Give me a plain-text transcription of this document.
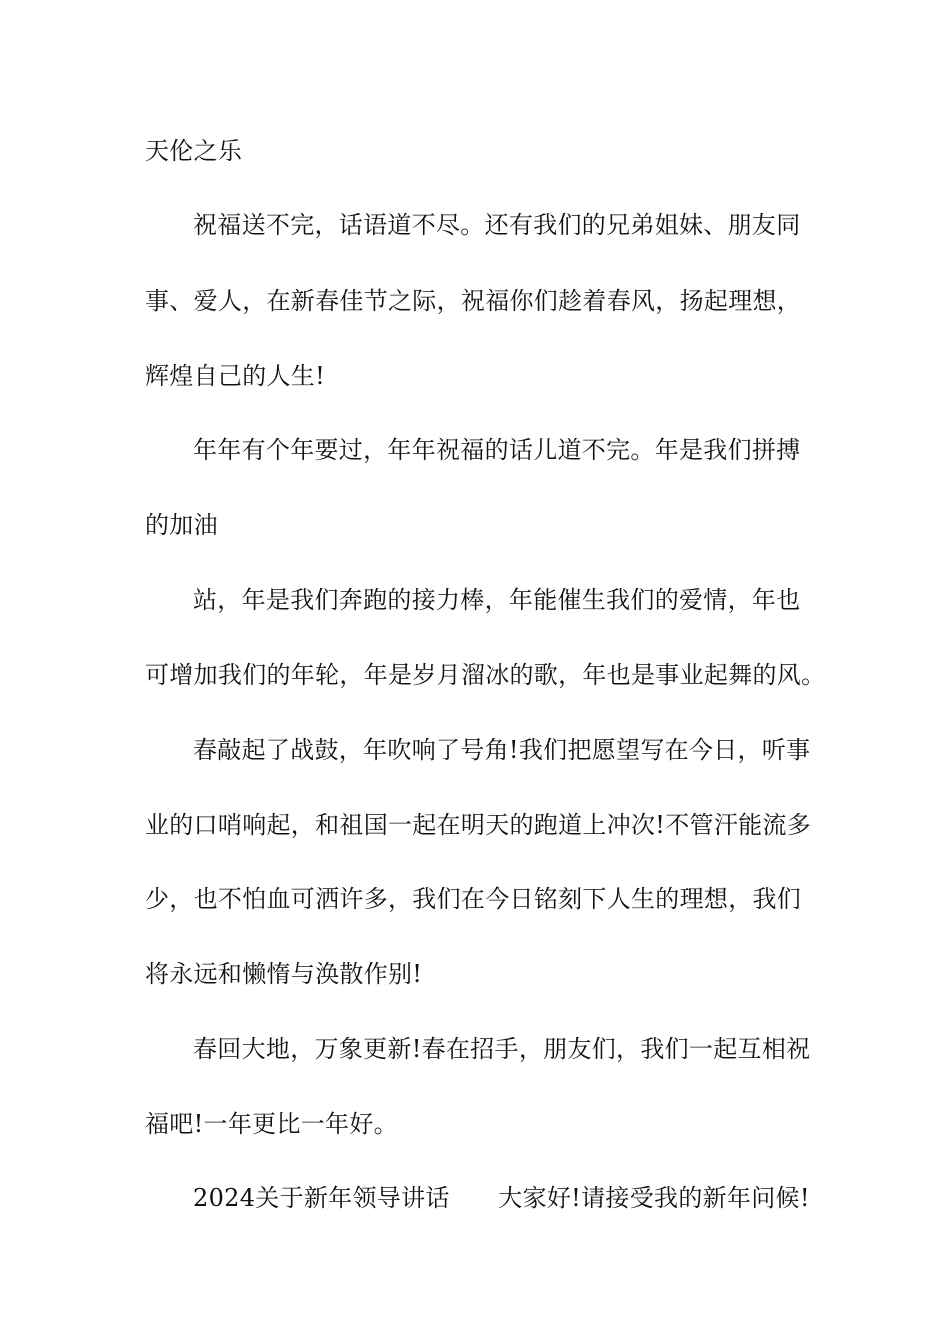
天伦之乐
祝福送不完，话语道不尽。还有我们的兄弟姐妹、朋友同
事、爱人，在新春佳节之际，祝福你们趁着春风，扬起理想，
辉煌自己的人生!
年年有个年要过，年年祝福的话儿道不完。年是我们拼搏
的加油
站，年是我们奔跑的接力棒，年能催生我们的爱情，年也
可增加我们的年轮，年是岁月溜冰的歌，年也是事业起舞的风。
春敲起了战鼓，年吹响了号角!我们把愿望写在今日，听事
业的口哨响起，和祖国一起在明天的跑道上冲次!不管汗能流多
少，也不怕血可洒许多，我们在今日铭刻下人生的理想，我们
将永远和懒惰与涣散作别!
春回大地，万象更新!春在招手，朋友们，我们一起互相祝
福吧!一年更比一年好。
2024关于新年领导讲话　　大家好!请接受我的新年问候!
